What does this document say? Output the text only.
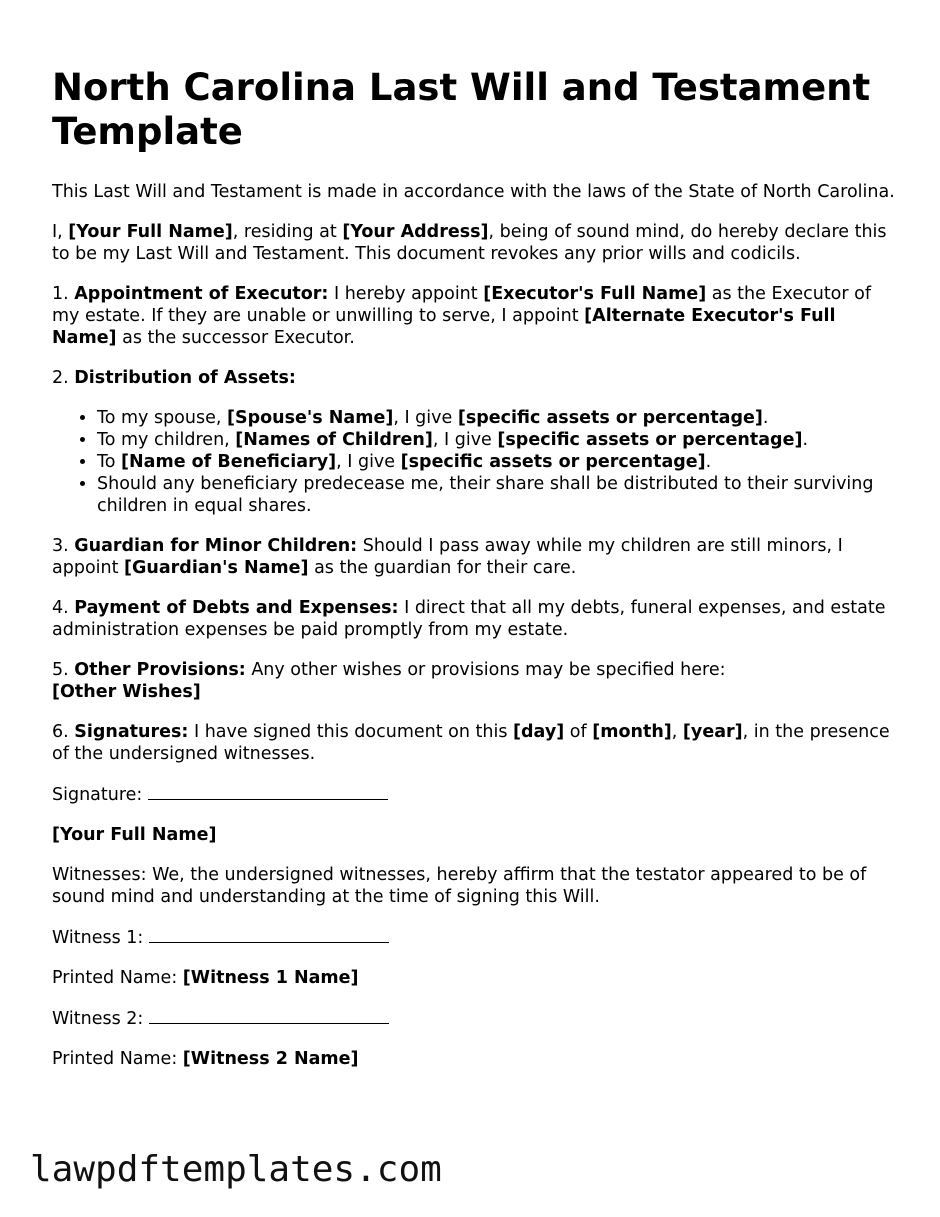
North Carolina Last Will and Testament Template

This Last Will and Testament is made in accordance with the laws of the State of North Carolina.

I, [Your Full Name], residing at [Your Address], being of sound mind, do hereby declare this to be my Last Will and Testament. This document revokes any prior wills and codicils.

1. Appointment of Executor: I hereby appoint [Executor's Full Name] as the Executor of my estate. If they are unable or unwilling to serve, I appoint [Alternate Executor's Full Name] as the successor Executor.

2. Distribution of Assets:

• To my spouse, [Spouse's Name], I give [specific assets or percentage].
• To my children, [Names of Children], I give [specific assets or percentage].
• To [Name of Beneficiary], I give [specific assets or percentage].
• Should any beneficiary predecease me, their share shall be distributed to their surviving children in equal shares.

3. Guardian for Minor Children: Should I pass away while my children are still minors, I appoint [Guardian's Name] as the guardian for their care.

4. Payment of Debts and Expenses: I direct that all my debts, funeral expenses, and estate administration expenses be paid promptly from my estate.

5. Other Provisions: Any other wishes or provisions may be specified here:
[Other Wishes]

6. Signatures: I have signed this document on this [day] of [month], [year], in the presence of the undersigned witnesses.

Signature:

[Your Full Name]

Witnesses: We, the undersigned witnesses, hereby affirm that the testator appeared to be of sound mind and understanding at the time of signing this Will.

Witness 1:

Printed Name: [Witness 1 Name]

Witness 2:

Printed Name: [Witness 2 Name]

lawpdftemplates.com
